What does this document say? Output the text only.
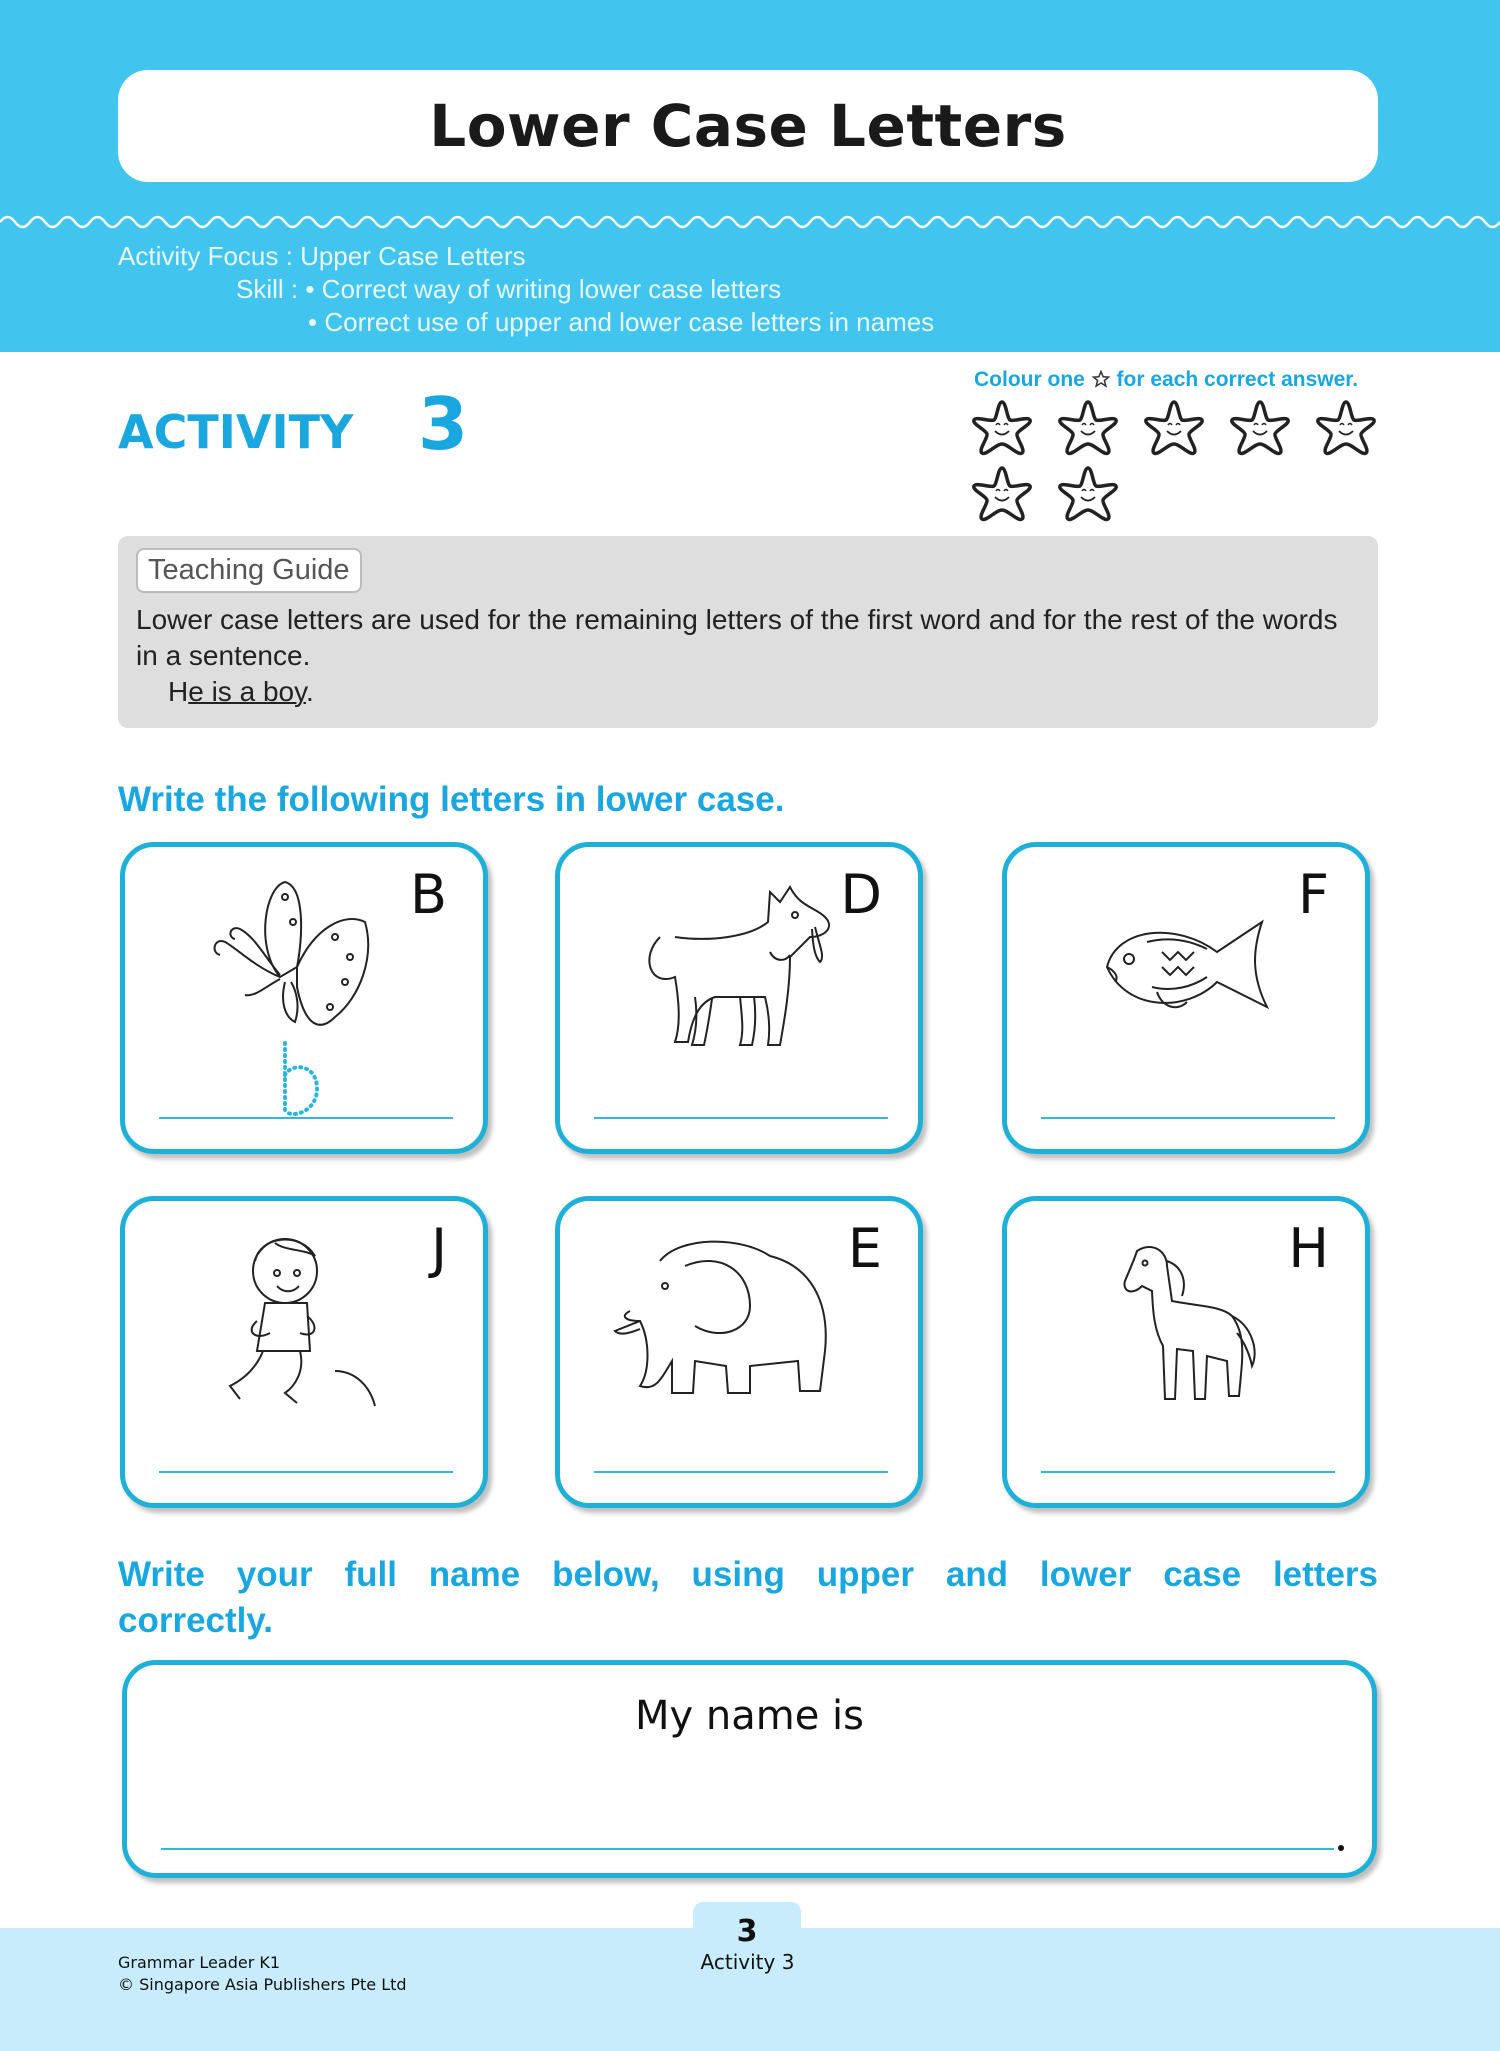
Lower Case Letters
Activity Focus : Upper Case Letters
Skill : • Correct way of writing lower case letters
• Correct use of upper and lower case letters in names
ACTIVITY 3
Colour one for each correct answer.
Teaching Guide
Lower case letters are used for the remaining letters of the first word and for the rest of the words in a sentence.
He is a boy.
Write the following letters in lower case.
B	D	F
J	E	H
Write your full name below, using upper and lower case letters correctly.
My name is
3
Grammar Leader K1
© Singapore Asia Publishers Pte Ltd
Activity 3
